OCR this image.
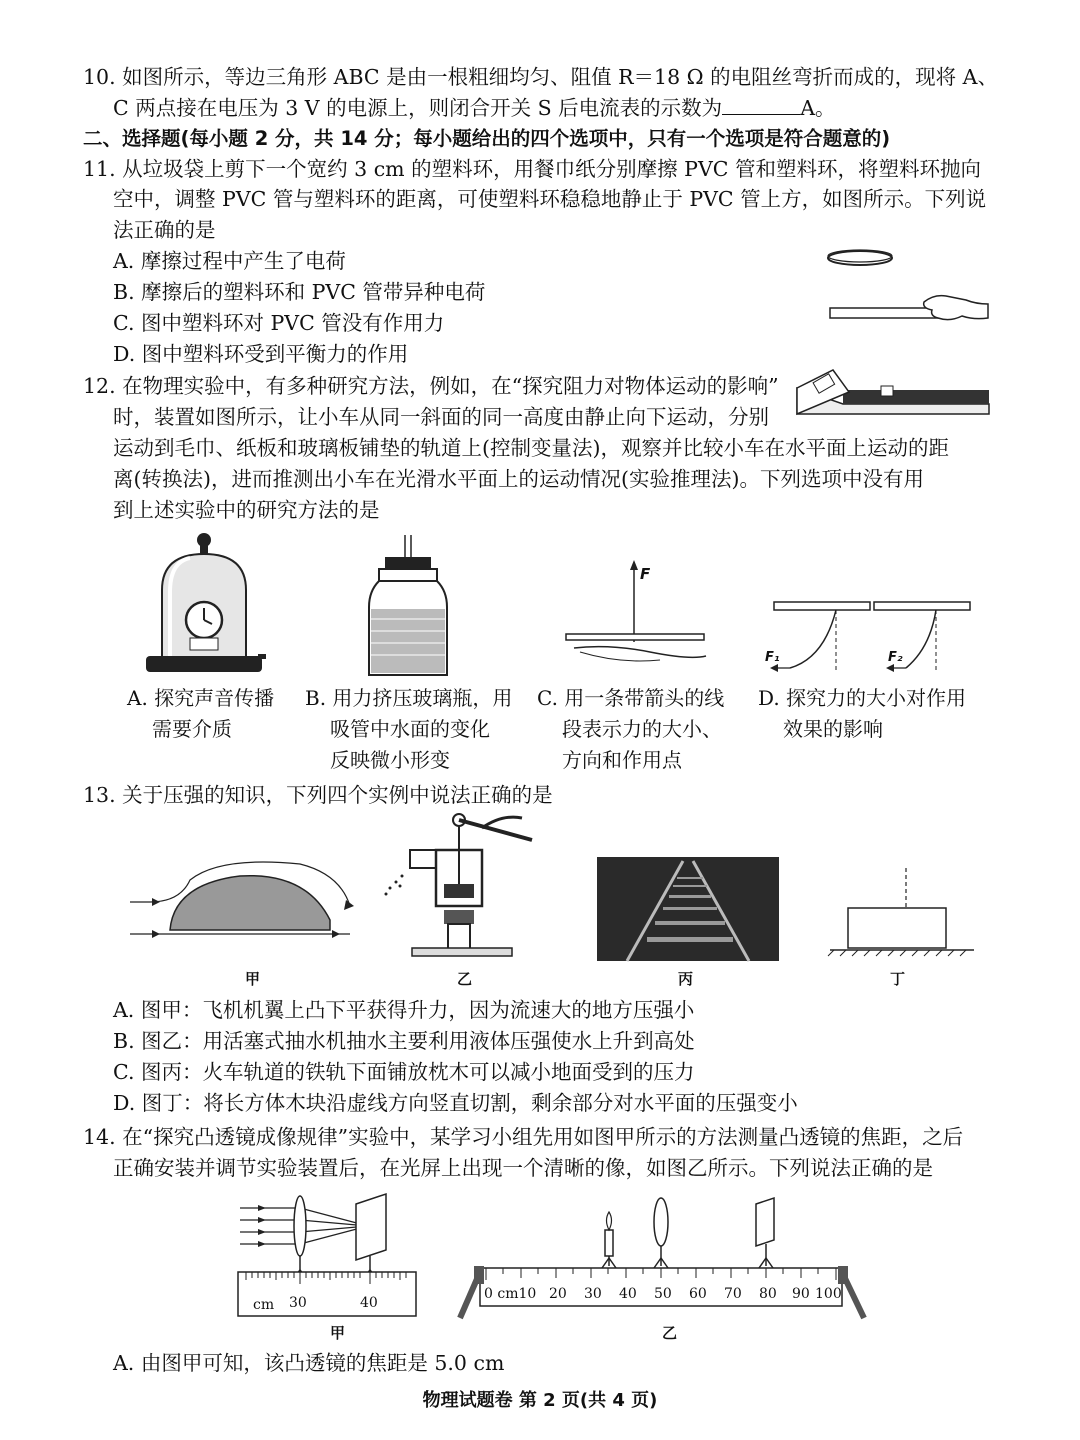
10. 如图所示，等边三角形 ABC 是由一根粗细均匀、阻值 R＝18 Ω 的电阻丝弯折而成的，现将 A、
C 两点接在电压为 3 V 的电源上，则闭合开关 S 后电流表的示数为	A。
二、选择题(每小题 2 分，共 14 分；每小题给出的四个选项中，只有一个选项是符合题意的)
11. 从垃圾袋上剪下一个宽约 3 cm 的塑料环，用餐巾纸分别摩擦 PVC 管和塑料环，将塑料环抛向
空中，调整 PVC 管与塑料环的距离，可使塑料环稳稳地静止于 PVC 管上方，如图所示。下列说
法正确的是
A. 摩擦过程中产生了电荷
B. 摩擦后的塑料环和 PVC 管带异种电荷
C. 图中塑料环对 PVC 管没有作用力
D. 图中塑料环受到平衡力的作用
12. 在物理实验中，有多种研究方法，例如，在“探究阻力对物体运动的影响”
时，装置如图所示，让小车从同一斜面的同一高度由静止向下运动，分别
运动到毛巾、纸板和玻璃板铺垫的轨道上(控制变量法)，观察并比较小车在水平面上运动的距
离(转换法)，进而推测出小车在光滑水平面上的运动情况(实验推理法)。下列选项中没有用
到上述实验中的研究方法的是
F
F₁	F₂
A. 探究声音传播
需要介质
B. 用力挤压玻璃瓶，用
吸管中水面的变化
反映微小形变
C. 用一条带箭头的线
段表示力的大小、
方向和作用点
D. 探究力的大小对作用
效果的影响
13. 关于压强的知识，下列四个实例中说法正确的是
甲	乙	丙	丁
A. 图甲：飞机机翼上凸下平获得升力，因为流速大的地方压强小
B. 图乙：用活塞式抽水机抽水主要利用液体压强使水上升到高处
C. 图丙：火车轨道的铁轨下面铺放枕木可以减小地面受到的压力
D. 图丁：将长方体木块沿虚线方向竖直切割，剩余部分对水平面的压强变小
14. 在“探究凸透镜成像规律”实验中，某学习小组先用如图甲所示的方法测量凸透镜的焦距，之后
正确安装并调节实验装置后，在光屏上出现一个清晰的像，如图乙所示。下列说法正确的是
cm 30	40
0 cm10 20 30 40 50 60 70 80 90 100
甲	乙
A. 由图甲可知，该凸透镜的焦距是 5.0 cm
物理试题卷 第 2 页(共 4 页)
